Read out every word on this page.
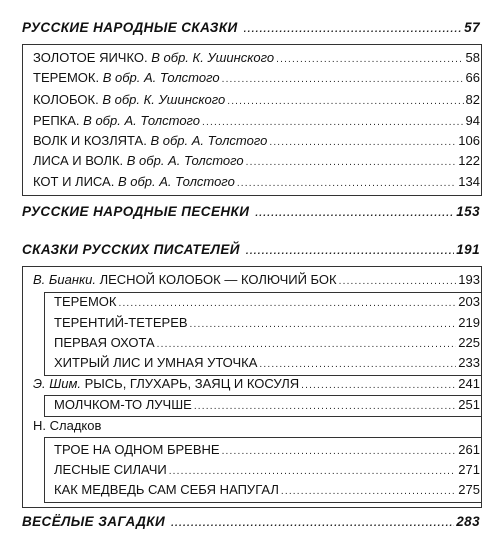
РУССКИЕ НАРОДНЫЕ СКАЗКИ .....	57
ЗОЛОТОЕ ЯИЧКО. В обр. К. Ушинского .....	58
ТЕРЕМОК. В обр. А. Толстого .....	66
КОЛОБОК. В обр. К. Ушинского .....	82
РЕПКА. В обр. А. Толстого .....	94
ВОЛК И КОЗЛЯТА. В обр. А. Толстого .....	106
ЛИСА И ВОЛК. В обр. А. Толстого .....	122
КОТ И ЛИСА. В обр. А. Толстого .....	134
РУССКИЕ НАРОДНЫЕ ПЕСЕНКИ .....	153
СКАЗКИ РУССКИХ ПИСАТЕЛЕЙ .....	191
В. Бианки. ЛЕСНОЙ КОЛОБОК — КОЛЮЧИЙ БОК .....	193
ТЕРЕМОК .....	203
ТЕРЕНТИЙ-ТЕТЕРЕВ .....	219
ПЕРВАЯ ОХОТА .....	225
ХИТРЫЙ ЛИС И УМНАЯ УТОЧКА .....	233
Э. Шим. РЫСЬ, ГЛУХАРЬ, ЗАЯЦ И КОСУЛЯ .....	241
МОЛЧКОМ-ТО ЛУЧШЕ .....	251
Н. Сладков
ТРОЕ НА ОДНОМ БРЕВНЕ .....	261
ЛЕСНЫЕ СИЛАЧИ .....	271
КАК МЕДВЕДЬ САМ СЕБЯ НАПУГАЛ .....	275
ВЕСЁЛЫЕ ЗАГАДКИ .....	283
